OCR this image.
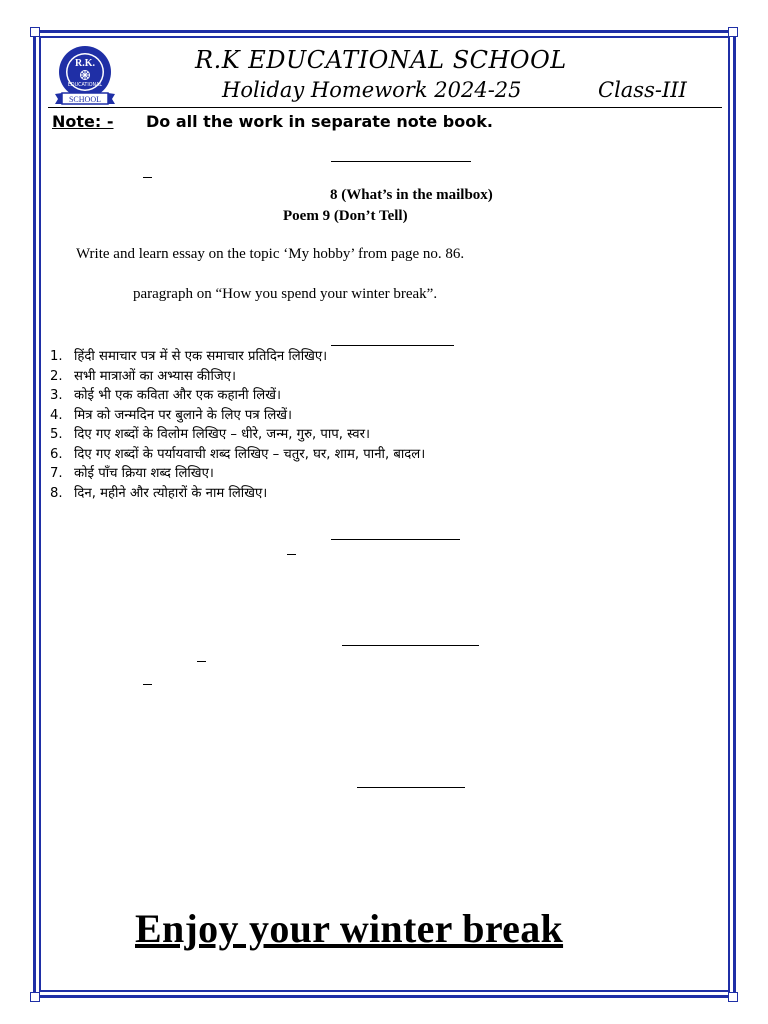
R.K.
EDUCATIONAL
SCHOOL
R.K EDUCATIONAL SCHOOL
Holiday Homework 2024-25	Class-III
Note: - Do all the work in separate note book.
8 (What’s in the mailbox)
Poem 9 (Don’t Tell)
Write and learn essay on the topic ‘My hobby’ from page no. 86.
paragraph on “How you spend your winter break”.
1. हिंदी समाचार पत्र में से एक समाचार प्रतिदिन लिखिए।
2. सभी मात्राओं का अभ्यास कीजिए।
3. कोई भी एक कविता और एक कहानी लिखें।
4. मित्र को जन्मदिन पर बुलाने के लिए पत्र लिखें।
5. दिए गए शब्दों के विलोम लिखिए – धीरे, जन्म, गुरु, पाप, स्वर।
6. दिए गए शब्दों के पर्यायवाची शब्द लिखिए – चतुर, घर, शाम, पानी, बादल।
7. कोई पाँच क्रिया शब्द लिखिए।
8. दिन, महीने और त्योहारों के नाम लिखिए।
Enjoy your winter break
